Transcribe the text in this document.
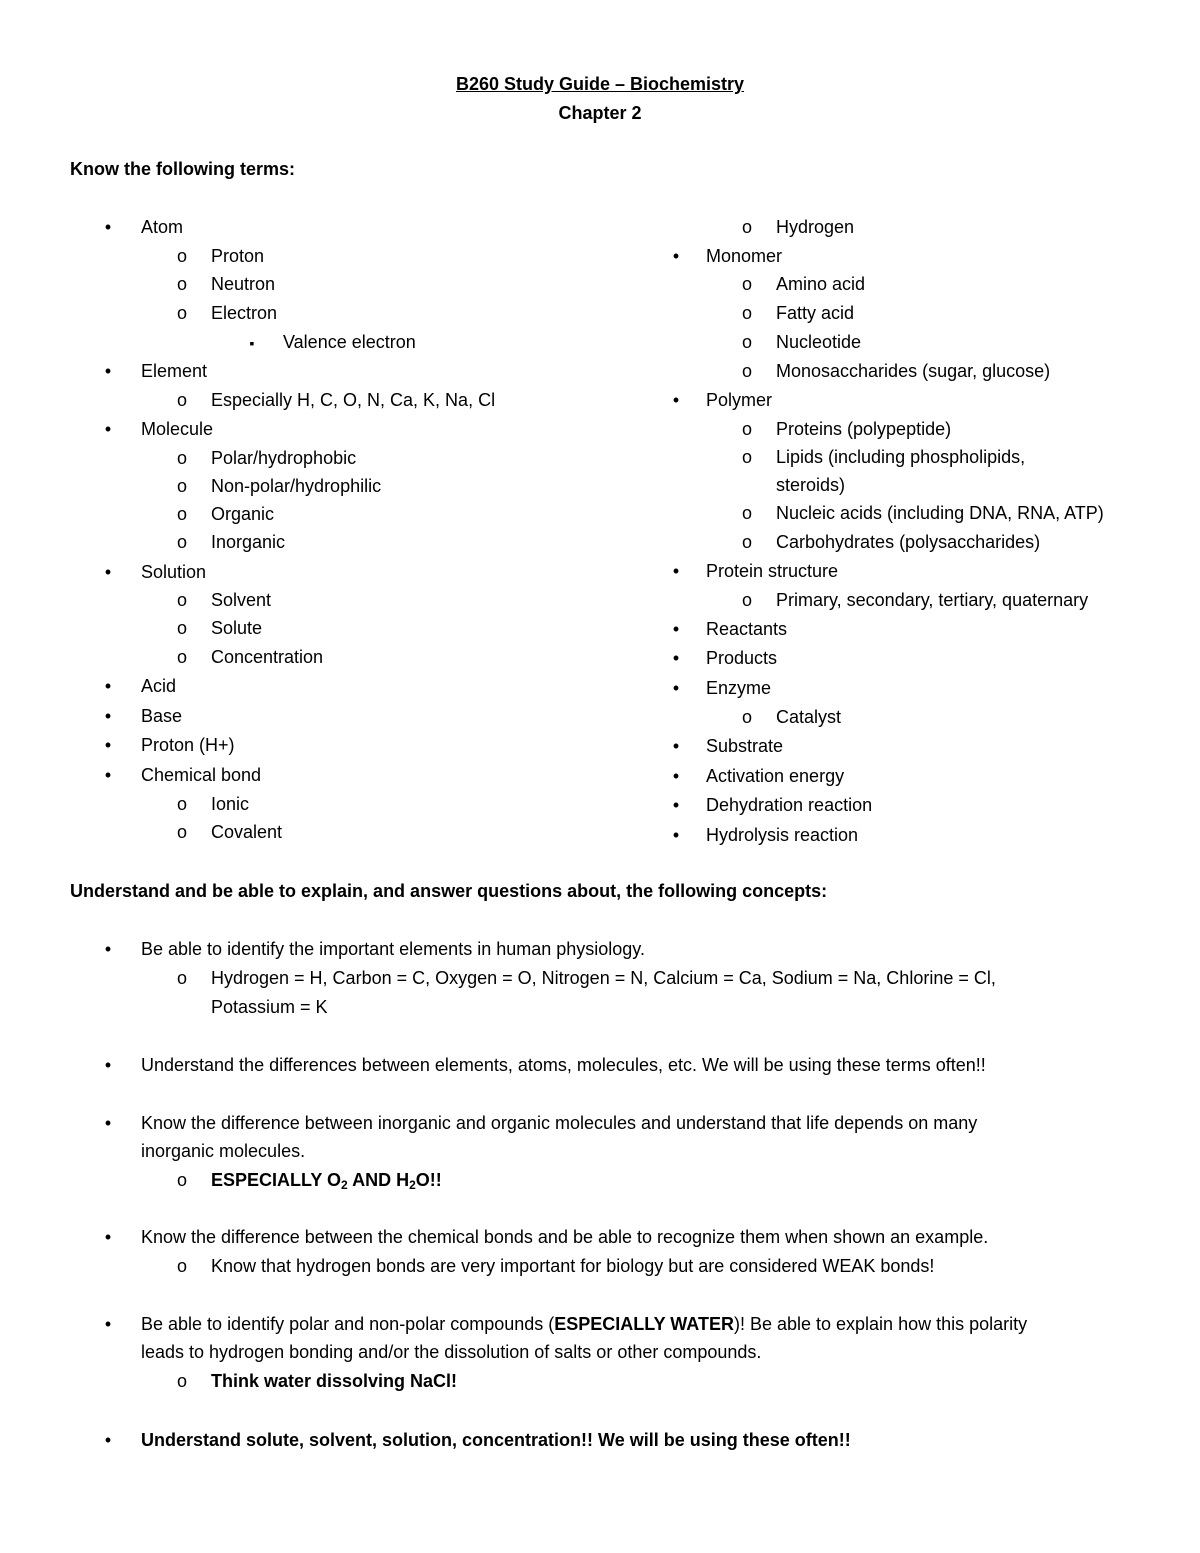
B260 Study Guide – Biochemistry
Chapter 2
Know the following terms:
•
Atom
o
Proton
o
Neutron
o
Electron
▪
Valence electron
•
Element
o
Especially H, C, O, N, Ca, K, Na, Cl
•
Molecule
o
Polar/hydrophobic
o
Non-polar/hydrophilic
o
Organic
o
Inorganic
•
Solution
o
Solvent
o
Solute
o
Concentration
•
Acid
•
Base
•
Proton (H+)
•
Chemical bond
o
Ionic
o
Covalent
o
Hydrogen
•
Monomer
o
Amino acid
o
Fatty acid
o
Nucleotide
o
Monosaccharides (sugar, glucose)
•
Polymer
o
Proteins (polypeptide)
o
Lipids (including phospholipids,
steroids)
o
Nucleic acids (including DNA, RNA, ATP)
o
Carbohydrates (polysaccharides)
•
Protein structure
o
Primary, secondary, tertiary, quaternary
•
Reactants
•
Products
•
Enzyme
o
Catalyst
•
Substrate
•
Activation energy
•
Dehydration reaction
•
Hydrolysis reaction
Understand and be able to explain, and answer questions about, the following concepts:
•
Be able to identify the important elements in human physiology.
o
Hydrogen = H, Carbon = C, Oxygen = O, Nitrogen = N, Calcium = Ca, Sodium = Na, Chlorine = Cl,
Potassium = K
•
Understand the differences between elements, atoms, molecules, etc. We will be using these terms often!!
•
Know the difference between inorganic and organic molecules and understand that life depends on many
inorganic molecules.
o
ESPECIALLY $O_2$ AND $H_2O$!!
•
Know the difference between the chemical bonds and be able to recognize them when shown an example.
o
Know that hydrogen bonds are very important for biology but are considered WEAK bonds!
•
Be able to identify polar and non-polar compounds (ESPECIALLY WATER)! Be able to explain how this polarity
leads to hydrogen bonding and/or the dissolution of salts or other compounds.
o
Think water dissolving NaCl!
•
Understand solute, solvent, solution, concentration!! We will be using these often!!
